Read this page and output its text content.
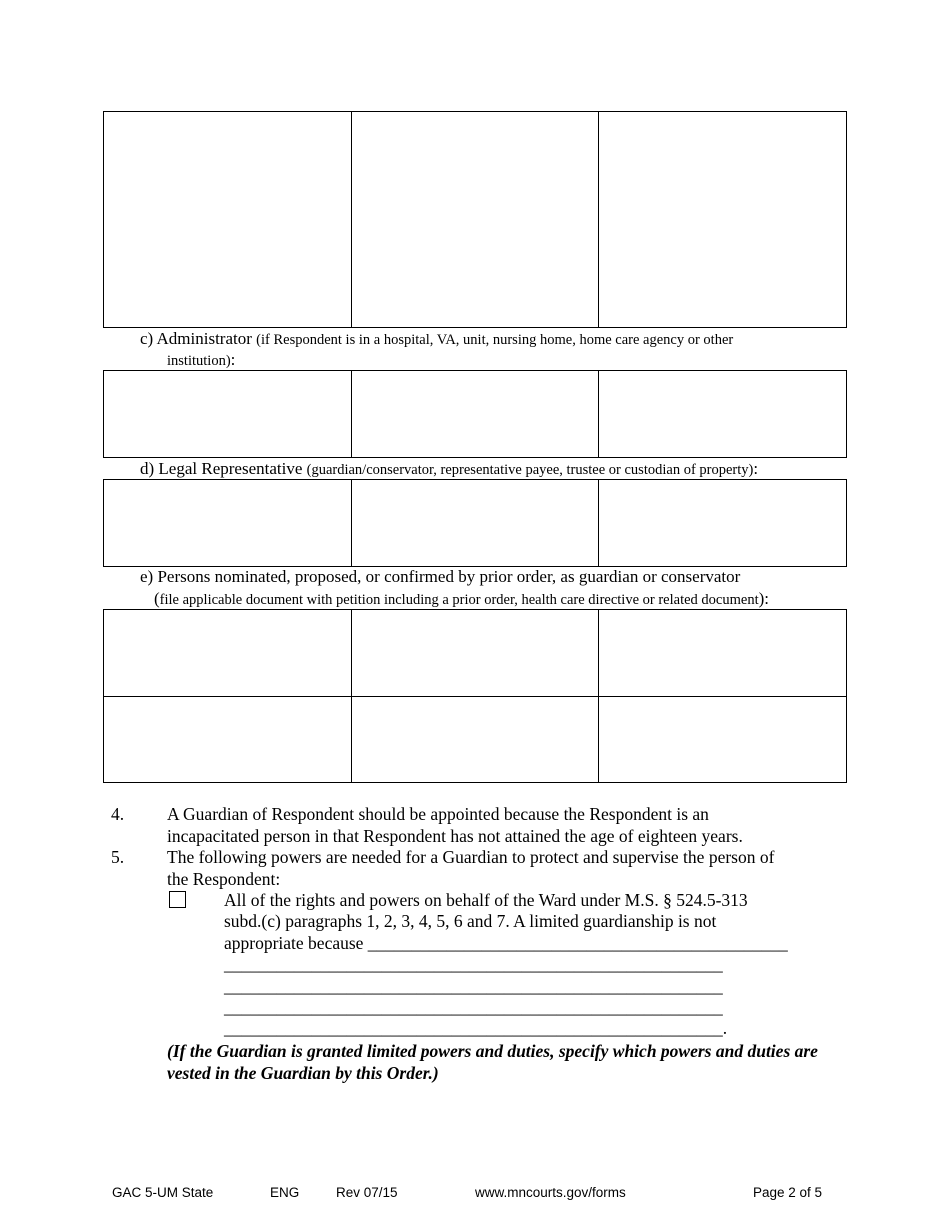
c) Administrator (if Respondent is in a hospital, VA, unit, nursing home, home care agency or other
institution):

d) Legal Representative (guardian/conservator, representative payee, trustee or custodian of property):

e) Persons nominated, proposed, or confirmed by prior order, as guardian or conservator
(file applicable document with petition including a prior order, health care directive or related document):

4. A Guardian of Respondent should be appointed because the Respondent is an
incapacitated person in that Respondent has not attained the age of eighteen years.
5. The following powers are needed for a Guardian to protect and supervise the person of
the Respondent:
All of the rights and powers on behalf of the Ward under M.S. § 524.5-313
subd.(c) paragraphs 1, 2, 3, 4, 5, 6 and 7. A limited guardianship is not
appropriate because ________________________________________________
_________________________________________________________
_________________________________________________________
_________________________________________________________
_________________________________________________________.
(If the Guardian is granted limited powers and duties, specify which powers and duties are vested in the Guardian by this Order.)
GAC 5-UM State	ENG	Rev 07/15	www.mncourts.gov/forms	Page 2 of 5
